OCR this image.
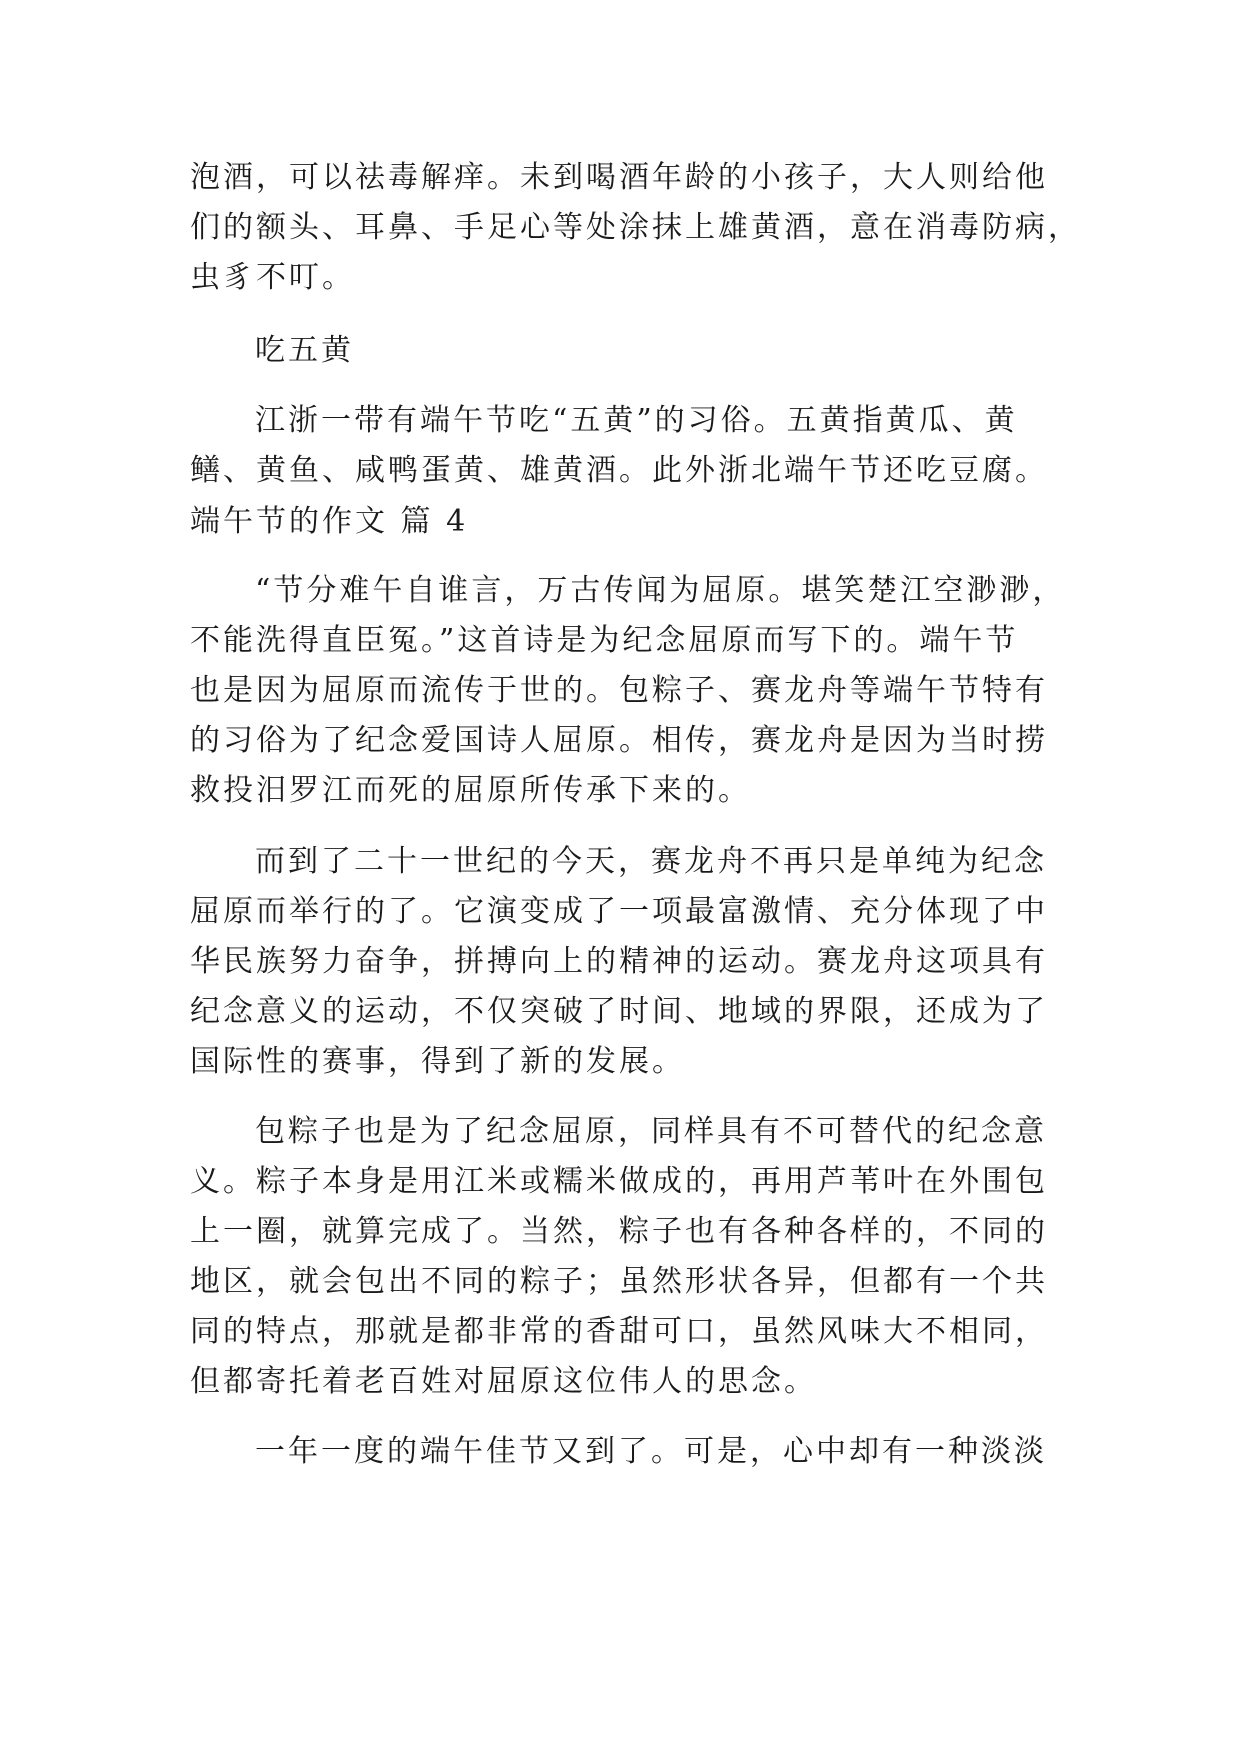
泡酒，可以祛毒解痒。未到喝酒年龄的小孩子，大人则给他
们的额头、耳鼻、手足心等处涂抹上雄黄酒，意在消毒防病，
虫豸不叮。
吃五黄
江浙一带有端午节吃“五黄”的习俗。五黄指黄瓜、黄
鳝、黄鱼、咸鸭蛋黄、雄黄酒。此外浙北端午节还吃豆腐。
端午节的作文 篇 4
“节分难午自谁言，万古传闻为屈原。堪笑楚江空渺渺，
不能洗得直臣冤。”这首诗是为纪念屈原而写下的。端午节
也是因为屈原而流传于世的。包粽子、赛龙舟等端午节特有
的习俗为了纪念爱国诗人屈原。相传，赛龙舟是因为当时捞
救投汨罗江而死的屈原所传承下来的。
而到了二十一世纪的今天，赛龙舟不再只是单纯为纪念
屈原而举行的了。它演变成了一项最富激情、充分体现了中
华民族努力奋争，拼搏向上的精神的运动。赛龙舟这项具有
纪念意义的运动，不仅突破了时间、地域的界限，还成为了
国际性的赛事，得到了新的发展。
包粽子也是为了纪念屈原，同样具有不可替代的纪念意
义。粽子本身是用江米或糯米做成的，再用芦苇叶在外围包
上一圈，就算完成了。当然，粽子也有各种各样的，不同的
地区，就会包出不同的粽子；虽然形状各异，但都有一个共
同的特点，那就是都非常的香甜可口，虽然风味大不相同，
但都寄托着老百姓对屈原这位伟人的思念。
一年一度的端午佳节又到了。可是，心中却有一种淡淡
